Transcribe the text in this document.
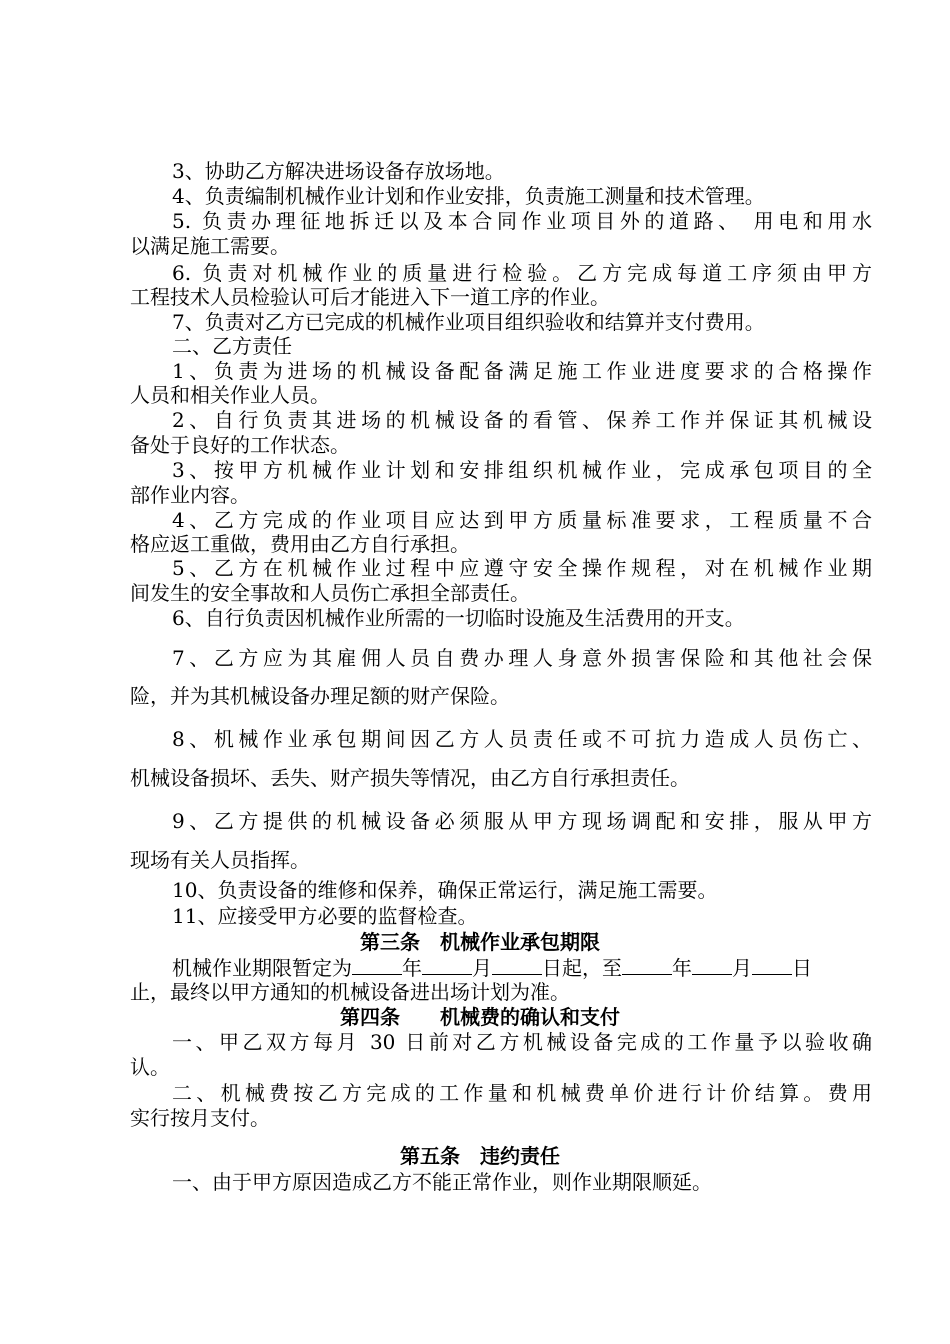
3、协助乙方解决进场设备存放场地。
4、负责编制机械作业计划和作业安排，负责施工测量和技术管理。
5. 负责办理征地拆迁以及本合同作业项目外的道路、 用电和用水
以满足施工需要。
6. 负责对机械作业的质量进行检验。乙方完成每道工序须由甲方
工程技术人员检验认可后才能进入下一道工序的作业。
7、负责对乙方已完成的机械作业项目组织验收和结算并支付费用。
二、乙方责任
1、负责为进场的机械设备配备满足施工作业进度要求的合格操作
人员和相关作业人员。
2、自行负责其进场的机械设备的看管、保养工作并保证其机械设
备处于良好的工作状态。
3、按甲方机械作业计划和安排组织机械作业，完成承包项目的全
部作业内容。
4、乙方完成的作业项目应达到甲方质量标准要求，工程质量不合
格应返工重做，费用由乙方自行承担。
5、乙方在机械作业过程中应遵守安全操作规程，对在机械作业期
间发生的安全事故和人员伤亡承担全部责任。
6、自行负责因机械作业所需的一切临时设施及生活费用的开支。
7、乙方应为其雇佣人员自费办理人身意外损害保险和其他社会保
险，并为其机械设备办理足额的财产保险。
8、机械作业承包期间因乙方人员责任或不可抗力造成人员伤亡、
机械设备损坏、丢失、财产损失等情况，由乙方自行承担责任。
9、乙方提供的机械设备必须服从甲方现场调配和安排，服从甲方
现场有关人员指挥。
10、负责设备的维修和保养，确保正常运行，满足施工需要。
11、应接受甲方必要的监督检查。
第三条　机械作业承包期限
机械作业期限暂定为	年	月	日起，至	年 月 日
止，最终以甲方通知的机械设备进出场计划为准。
第四条　　机械费的确认和支付
一、甲乙双方每月 30 日前对乙方机械设备完成的工作量予以验收确
认。
二、机械费按乙方完成的工作量和机械费单价进行计价结算。费用
实行按月支付。
第五条　违约责任
一、由于甲方原因造成乙方不能正常作业，则作业期限顺延。
